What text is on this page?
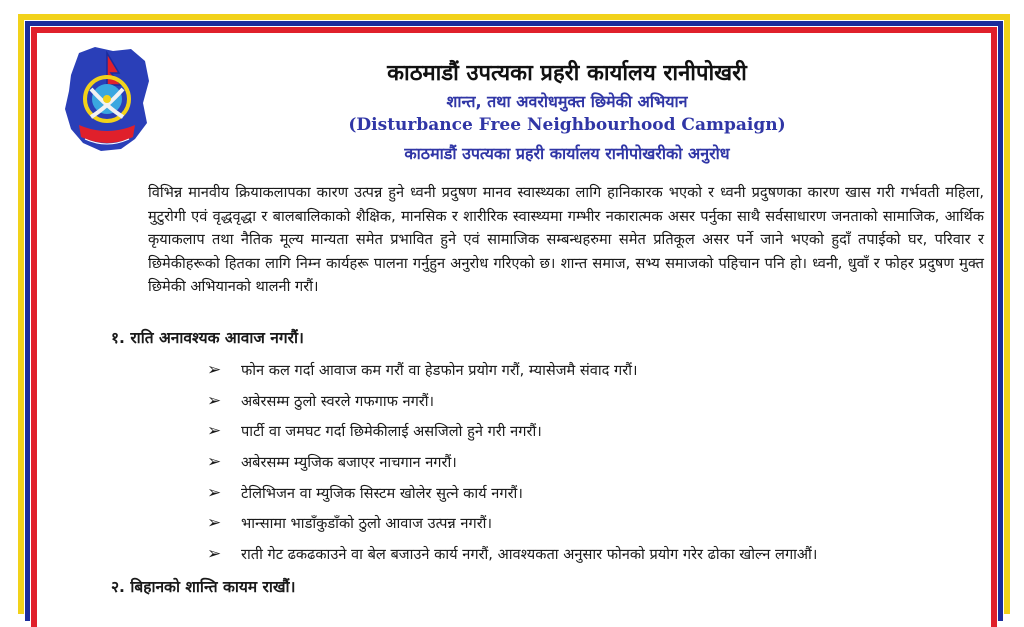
काठमाडौं उपत्यका प्रहरी कार्यालय रानीपोखरी
शान्त, तथा अवरोधमुक्त छिमेकी अभियान
(Disturbance Free Neighbourhood Campaign)
काठमाडौं उपत्यका प्रहरी कार्यालय रानीपोखरीको अनुरोध
विभिन्न मानवीय क्रियाकलापका कारण उत्पन्न हुने ध्वनी प्रदुषण मानव स्वास्थ्यका लागि हानिकारक भएको र ध्वनी प्रदुषणका कारण खास गरी गर्भवती महिला, मुटुरोगी एवं वृद्धवृद्धा र बालबालिकाको शैक्षिक, मानसिक र शारीरिक स्वास्थ्यमा गम्भीर नकारात्मक असर पर्नुका साथै सर्वसाधारण जनताको सामाजिक, आर्थिक कृयाकलाप तथा नैतिक मूल्य मान्यता समेत प्रभावित हुने एवं सामाजिक सम्बन्धहरुमा समेत प्रतिकूल असर पर्ने जाने भएको हुदाँ तपाईको घर, परिवार र छिमेकीहरूको हितका लागि निम्न कार्यहरू पालना गर्नुहुन अनुरोध गरिएको छ। शान्त समाज, सभ्य समाजको पहिचान पनि हो। ध्वनी, धुवाँ र फोहर प्रदुषण मुक्त छिमेकी अभियानको थालनी गरौं।
१. राति अनावश्यक आवाज नगरौं।
➢	फोन कल गर्दा आवाज कम गरौं वा हेडफोन प्रयोग गरौं, म्यासेजमै संवाद गरौं।
➢	अबेरसम्म ठुलो स्वरले गफगाफ नगरौं।
➢	पार्टी वा जमघट गर्दा छिमेकीलाई असजिलो हुने गरी नगरौं।
➢	अबेरसम्म म्युजिक बजाएर नाचगान नगरौं।
➢	टेलिभिजन वा म्युजिक सिस्टम खोलेर सुत्ने कार्य नगरौं।
➢	भान्सामा भाडाँकुडाँको ठुलो आवाज उत्पन्न नगरौं।
➢	राती गेट ढकढकाउने वा बेल बजाउने कार्य नगरौं, आवश्यकता अनुसार फोनको प्रयोग गरेर ढोका खोल्न लगाऔं।
२. बिहानको शान्ति कायम राखौं।
